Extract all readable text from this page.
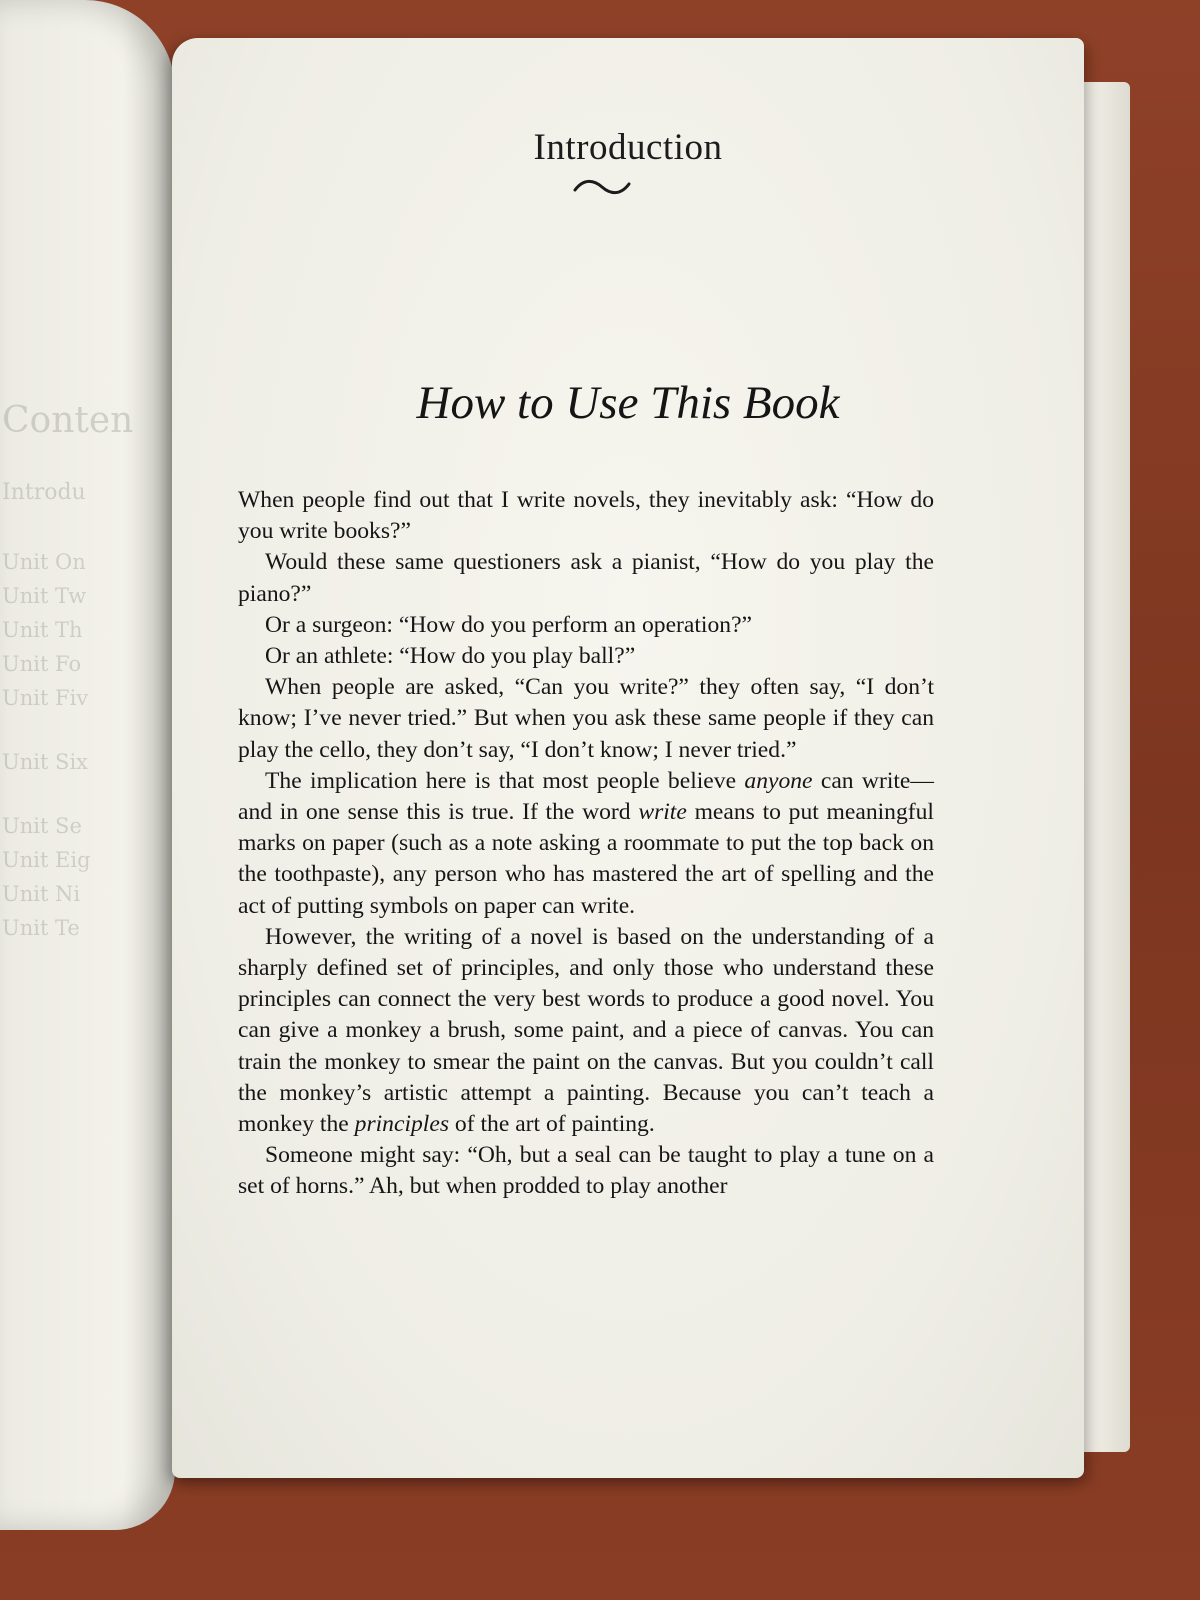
Conten
Introdu
Unit On
Unit Tw
Unit Th
Unit Fo
Unit Fiv
Unit Six
Unit Se
Unit Eig
Unit Ni
Unit Te
Introduction
How to Use This Book

When people find out that I write novels, they inevitably ask: “How do you write books?”

Would these same questioners ask a pianist, “How do you play the piano?”

Or a surgeon: “How do you perform an operation?”

Or an athlete: “How do you play ball?”

When people are asked, “Can you write?” they often say, “I don’t know; I’ve never tried.” But when you ask these same people if they can play the cello, they don’t say, “I don’t know; I never tried.”

The implication here is that most people believe anyone can write—and in one sense this is true. If the word write means to put meaningful marks on paper (such as a note asking a roommate to put the top back on the toothpaste), any person who has mastered the art of spelling and the act of putting symbols on paper can write.

However, the writing of a novel is based on the understanding of a sharply defined set of principles, and only those who understand these principles can connect the very best words to produce a good novel. You can give a monkey a brush, some paint, and a piece of canvas. You can train the monkey to smear the paint on the canvas. But you couldn’t call the monkey’s artistic attempt a painting. Because you can’t teach a monkey the principles of the art of painting.

Someone might say: “Oh, but a seal can be taught to play a tune on a set of horns.” Ah, but when prodded to play another
